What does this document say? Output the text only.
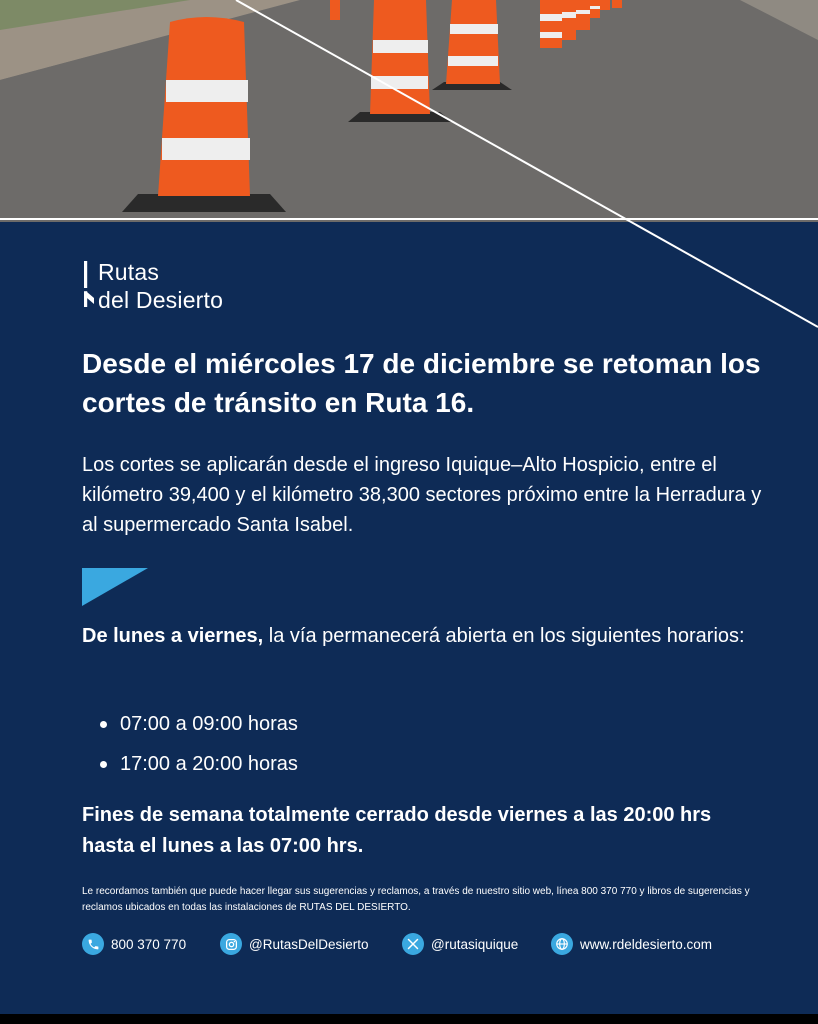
Rutas
del Desierto
Desde el miércoles 17 de diciembre se retoman los cortes de tránsito en Ruta 16.

Los cortes se aplicarán desde el ingreso Iquique–Alto Hospicio, entre el kilómetro 39,400 y el kilómetro 38,300 sectores próximo entre la Herradura y al supermercado Santa Isabel.

De lunes a viernes, la vía permanecerá abierta en los siguientes horarios:

07:00 a 09:00 horas
17:00 a 20:00 horas

Fines de semana totalmente cerrado desde viernes a las 20:00 hrs hasta el lunes a las 07:00 hrs.

Le recordamos también que puede hacer llegar sus sugerencias y reclamos, a través de nuestro sitio web, línea 800 370 770 y libros de sugerencias y reclamos ubicados en todas las instalaciones de RUTAS DEL DESIERTO.

800 370 770	@RutasDelDesierto	@rutasiquique	www.rdeldesierto.com
